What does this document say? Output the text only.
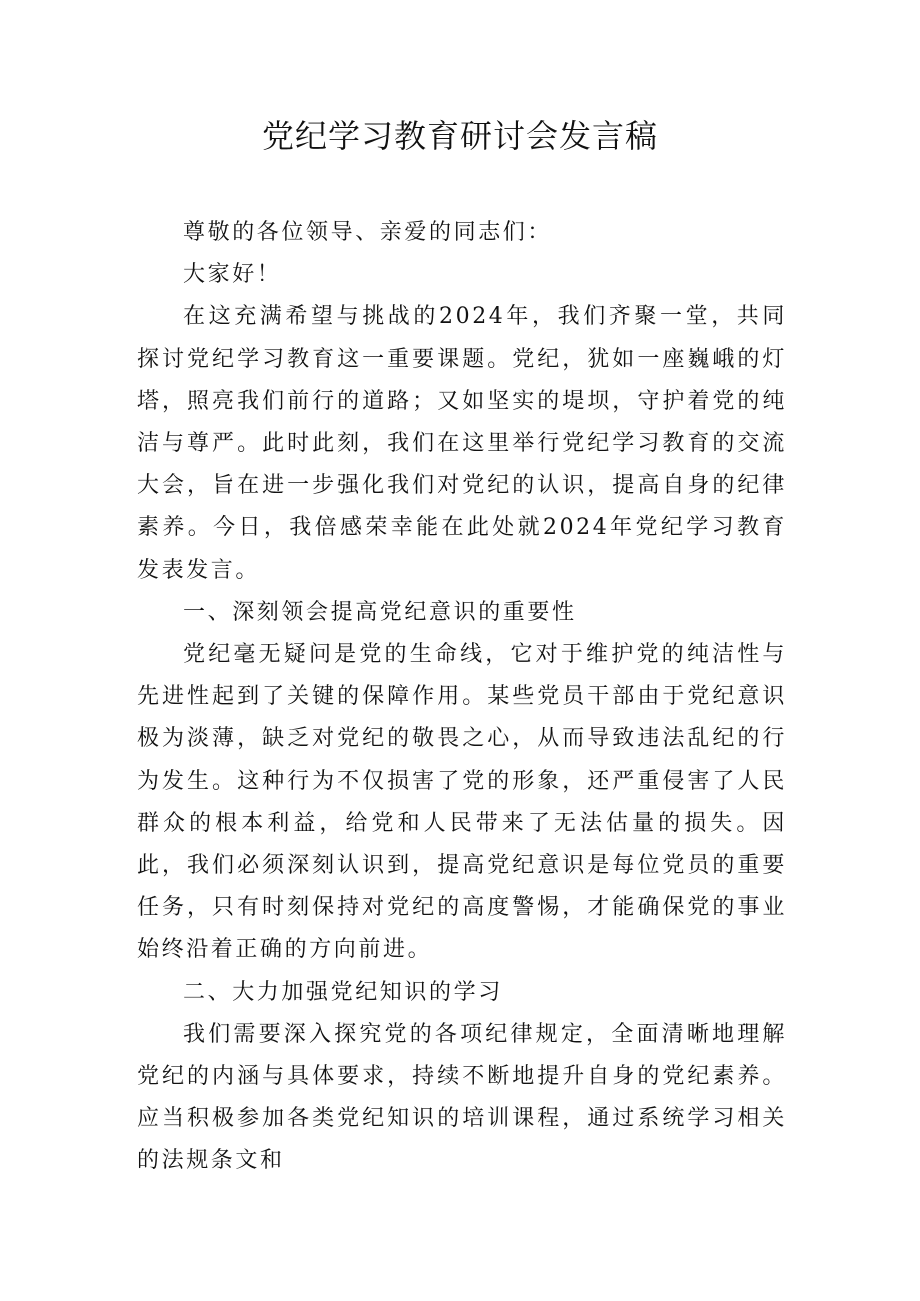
党纪学习教育研讨会发言稿

尊敬的各位领导、亲爱的同志们：

大家好！

在这充满希望与挑战的2024年，我们齐聚一堂，共同探讨党纪学习教育这一重要课题。党纪，犹如一座巍峨的灯塔，照亮我们前行的道路；又如坚实的堤坝，守护着党的纯洁与尊严。此时此刻，我们在这里举行党纪学习教育的交流大会，旨在进一步强化我们对党纪的认识，提高自身的纪律素养。今日，我倍感荣幸能在此处就2024年党纪学习教育发表发言。

一、深刻领会提高党纪意识的重要性

党纪毫无疑问是党的生命线，它对于维护党的纯洁性与先进性起到了关键的保障作用。某些党员干部由于党纪意识极为淡薄，缺乏对党纪的敬畏之心，从而导致违法乱纪的行为发生。这种行为不仅损害了党的形象，还严重侵害了人民群众的根本利益，给党和人民带来了无法估量的损失。因此，我们必须深刻认识到，提高党纪意识是每位党员的重要任务，只有时刻保持对党纪的高度警惕，才能确保党的事业始终沿着正确的方向前进。

二、大力加强党纪知识的学习

我们需要深入探究党的各项纪律规定，全面清晰地理解党纪的内涵与具体要求，持续不断地提升自身的党纪素养。应当积极参加各类党纪知识的培训课程，通过系统学习相关的法规条文和
